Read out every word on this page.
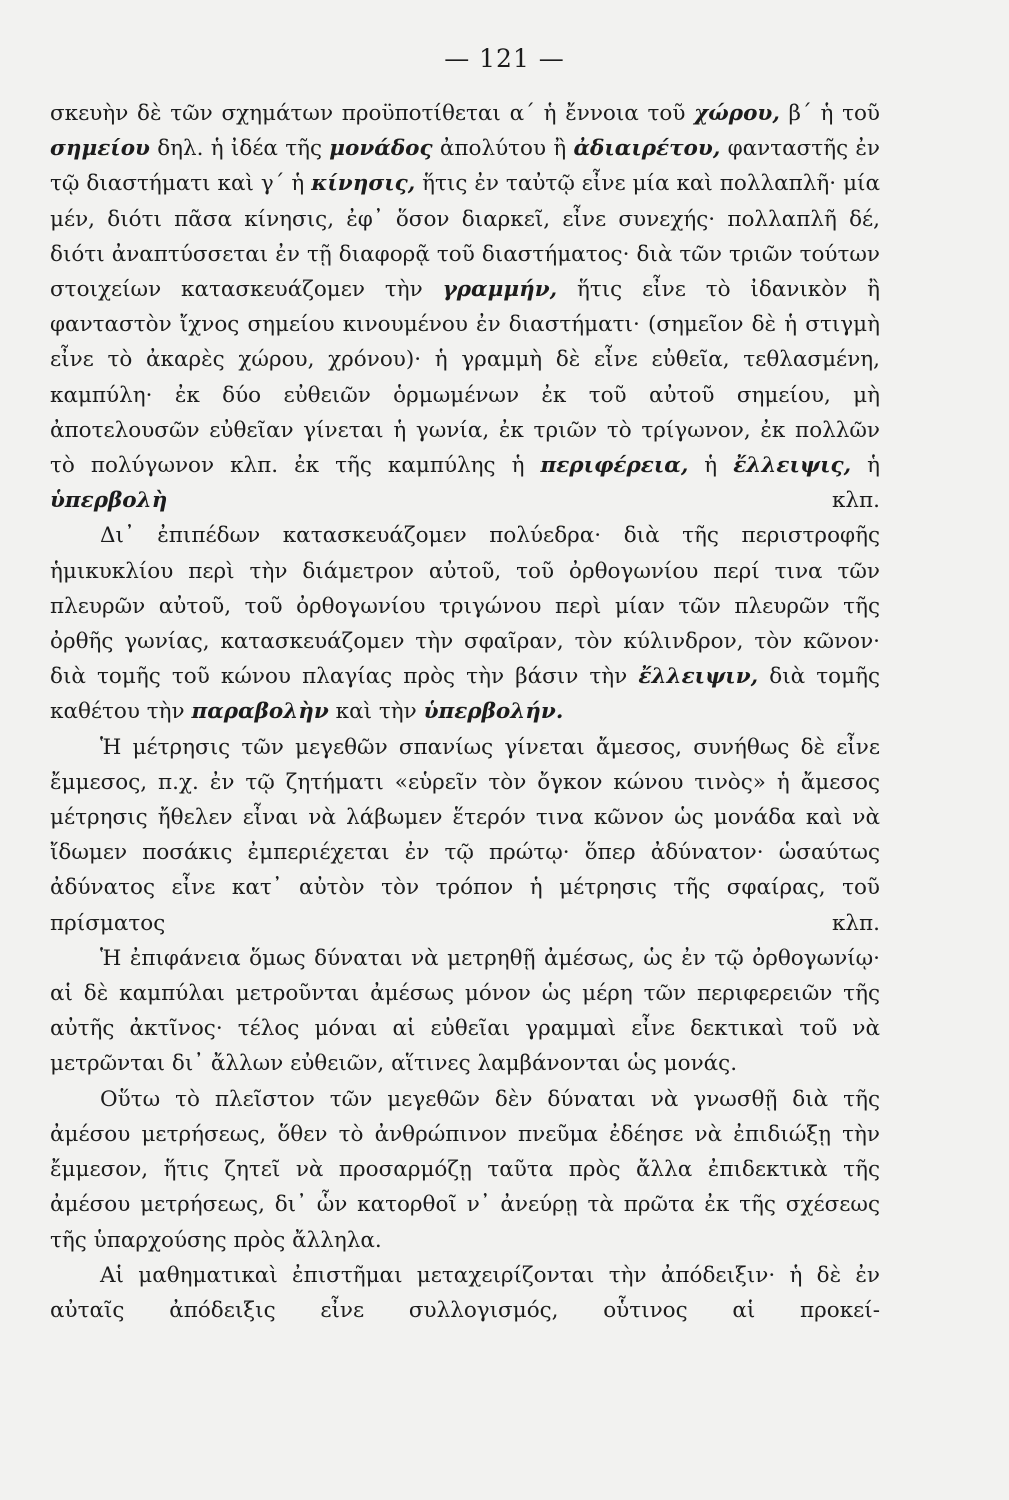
— 121 —

σκευὴν δὲ τῶν σχημάτων προϋποτίθεται α΄ ἡ ἔννοια τοῦ χώρου, β΄ ἡ τοῦ σημείου δηλ. ἡ ἰδέα τῆς μονάδος ἀπολύτου ἢ ἀδιαιρέτου, φανταστῆς ἐν τῷ διαστήματι καὶ γ΄ ἡ κίνησις, ἥτις ἐν ταὐτῷ εἶνε μία καὶ πολλαπλῆ· μία μέν, διότι πᾶσα κίνησις, ἐφ᾿ ὅσον διαρκεῖ, εἶνε συνεχής· πολλαπλῆ δέ, διότι ἀναπτύσσεται ἐν τῇ διαφορᾷ τοῦ διαστήματος· διὰ τῶν τριῶν τούτων στοιχείων κατασκευάζομεν τὴν γραμμήν, ἥτις εἶνε τὸ ἰδανικὸν ἢ φανταστὸν ἴχνος σημείου κινουμένου ἐν διαστήματι· (σημεῖον δὲ ἡ στιγμὴ εἶνε τὸ ἀκαρὲς χώρου, χρόνου)· ἡ γραμμὴ δὲ εἶνε εὐθεῖα, τεθλασμένη, καμπύλη· ἐκ δύο εὐθειῶν ὁρμωμένων ἐκ τοῦ αὐτοῦ σημείου, μὴ ἀποτελουσῶν εὐθεῖαν γίνεται ἡ γωνία, ἐκ τριῶν τὸ τρίγωνον, ἐκ πολλῶν τὸ πολύγωνον κλπ. ἐκ τῆς καμπύλης ἡ περιφέρεια, ἡ ἔλλειψις, ἡ ὑπερβολὴ κλπ.

Δι᾿ ἐπιπέδων κατασκευάζομεν πολύεδρα· διὰ τῆς περιστροφῆς ἡμικυκλίου περὶ τὴν διάμετρον αὐτοῦ, τοῦ ὀρθογωνίου περί τινα τῶν πλευρῶν αὐτοῦ, τοῦ ὀρθογωνίου τριγώνου περὶ μίαν τῶν πλευρῶν τῆς ὀρθῆς γωνίας, κατασκευάζομεν τὴν σφαῖραν, τὸν κύλινδρον, τὸν κῶνον· διὰ τομῆς τοῦ κώνου πλαγίας πρὸς τὴν βάσιν τὴν ἔλλειψιν, διὰ τομῆς καθέτου τὴν παραβολὴν καὶ τὴν ὑπερβολήν.

Ἡ μέτρησις τῶν μεγεθῶν σπανίως γίνεται ἄμεσος, συνήθως δὲ εἶνε ἔμμεσος, π.χ. ἐν τῷ ζητήματι «εὑρεῖν τὸν ὄγκον κώνου τινὸς» ἡ ἄμεσος μέτρησις ἤθελεν εἶναι νὰ λάβωμεν ἕτερόν τινα κῶνον ὡς μονάδα καὶ νὰ ἴδωμεν ποσάκις ἐμπεριέχεται ἐν τῷ πρώτῳ· ὅπερ ἀδύνατον· ὡσαύτως ἀδύνατος εἶνε κατ᾿ αὐτὸν τὸν τρόπον ἡ μέτρησις τῆς σφαίρας, τοῦ πρίσματος κλπ.

Ἡ ἐπιφάνεια ὅμως δύναται νὰ μετρηθῇ ἀμέσως, ὡς ἐν τῷ ὀρθογωνίῳ· αἱ δὲ καμπύλαι μετροῦνται ἀμέσως μόνον ὡς μέρη τῶν περιφερειῶν τῆς αὐτῆς ἀκτῖνος· τέλος μόναι αἱ εὐθεῖαι γραμμαὶ εἶνε δεκτικαὶ τοῦ νὰ μετρῶνται δι᾿ ἄλλων εὐθειῶν, αἵτινες λαμβάνονται ὡς μονάς.

Οὕτω τὸ πλεῖστον τῶν μεγεθῶν δὲν δύναται νὰ γνωσθῇ διὰ τῆς ἀμέσου μετρήσεως, ὅθεν τὸ ἀνθρώπινον πνεῦμα ἐδέησε νὰ ἐπιδιώξῃ τὴν ἔμμεσον, ἥτις ζητεῖ νὰ προσαρμόζῃ ταῦτα πρὸς ἄλλα ἐπιδεκτικὰ τῆς ἀμέσου μετρήσεως, δι᾿ ὧν κατορθοῖ ν᾿ ἀνεύρῃ τὰ πρῶτα ἐκ τῆς σχέσεως τῆς ὑπαρχούσης πρὸς ἄλληλα.

Αἱ μαθηματικαὶ ἐπιστῆμαι μεταχειρίζονται τὴν ἀπόδειξιν· ἡ δὲ ἐν αὐταῖς ἀπόδειξις εἶνε συλλογισμός, οὗτινος αἱ προκεί-
